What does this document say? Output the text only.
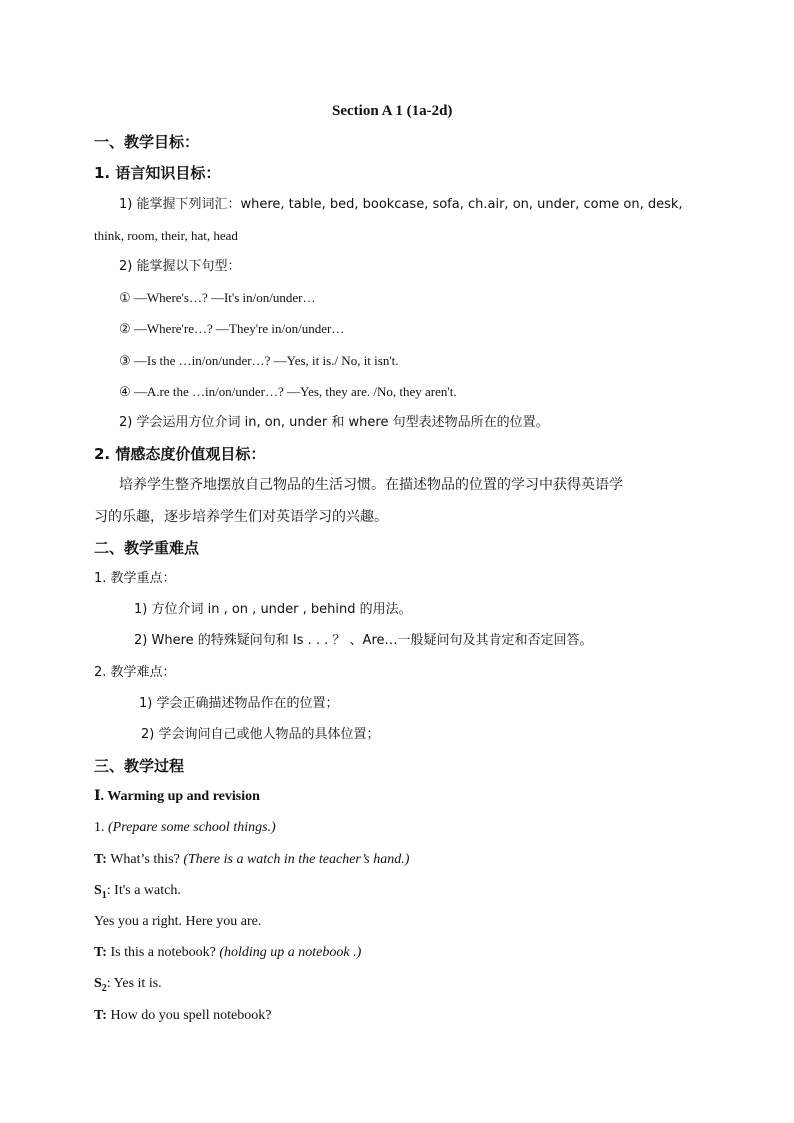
Section A 1 (1a-2d)
一、教学目标：
1. 语言知识目标：
1) 能掌握下列词汇：where, table, bed, bookcase, sofa, ch.air, on, under, come on, desk,
think, room, their, hat, head
2) 能掌握以下句型：
① —Where's…? —It's in/on/under…
② —Where're…? —They're in/on/under…
③ —Is the …in/on/under…? —Yes, it is./ No, it isn't.
④ —A.re the …in/on/under…? —Yes, they are. /No, they aren't.
2) 学会运用方位介词 in, on, under 和 where 句型表述物品所在的位置。
2. 情感态度价值观目标：
培养学生整齐地摆放自己物品的生活习惯。在描述物品的位置的学习中获得英语学
习的乐趣，逐步培养学生们对英语学习的兴趣。
二、教学重难点
1. 教学重点：
1) 方位介词 in , on , under , behind 的用法。
2) Where 的特殊疑问句和 Is . . . ？ 、Are…一般疑问句及其肯定和否定回答。
2. 教学难点：
1) 学会正确描述物品作在的位置；
2) 学会询问自己或他人物品的具体位置；
三、教学过程
Ⅰ. Warming up and revision
1. (Prepare some school things.)
T: What’s this? (There is a watch in the teacher’s hand.)
$S_1$: It's a watch.
Yes you a right. Here you are.
T: Is this a notebook? (holding up a notebook .)
$S_2$: Yes it is.
T: How do you spell notebook?
